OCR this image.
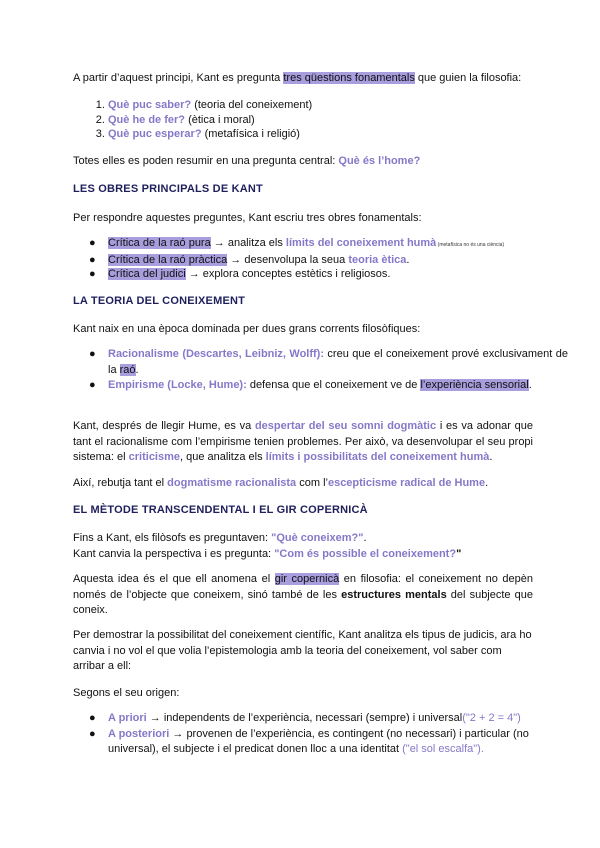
A partir d’aquest principi, Kant es pregunta tres qüestions fonamentals que guien la filosofia:

1. Què puc saber? (teoria del coneixement)
2. Què he de fer? (ètica i moral)
3. Què puc esperar? (metafísica i religió)

Totes elles es poden resumir en una pregunta central: Què és l’home?

LES OBRES PRINCIPALS DE KANT

Per respondre aquestes preguntes, Kant escriu tres obres fonamentals:

● Crítica de la raó pura → analitza els límits del coneixement humà (metafísica no és una ciència)
● Crítica de la raó pràctica → desenvolupa la seua teoria ètica.
● Crítica del judici → explora conceptes estètics i religiosos.
LA TEORIA DEL CONEIXEMENT

Kant naix en una època dominada per dues grans corrents filosòfiques:

● Racionalisme (Descartes, Leibniz, Wolff): creu que el coneixement prové exclusivament de la raó.
● Empirisme (Locke, Hume): defensa que el coneixement ve de l’experiència sensorial.

Kant, després de llegir Hume, es va despertar del seu somni dogmàtic i es va adonar que tant el racionalisme com l’empirisme tenien problemes. Per això, va desenvolupar el seu propi sistema: el criticisme, que analitza els límits i possibilitats del coneixement humà.

Així, rebutja tant el dogmatisme racionalista com l’escepticisme radical de Hume.

EL MÈTODE TRANSCENDENTAL I EL GIR COPERNICÀ

Fins a Kant, els filòsofs es preguntaven: "Què coneixem?".
Kant canvia la perspectiva i es pregunta: "Com és possible el coneixement?"

Aquesta idea és el que ell anomena el gir copernicà en filosofia: el coneixement no depèn només de l’objecte que coneixem, sinó també de les estructures mentals del subjecte que coneix.

Per demostrar la possibilitat del coneixement científic, Kant analitza els tipus de judicis, ara ho canvia i no vol el que volia l’epistemologia amb la teoria del coneixement, vol saber com arribar a ell:

Segons el seu origen:

● A priori → independents de l’experiència, necessari (sempre) i universal("2 + 2 = 4")
● A posteriori → provenen de l’experiència, es contingent (no necessari) i particular (no universal), el subjecte i el predicat donen lloc a una identitat ("el sol escalfa").
